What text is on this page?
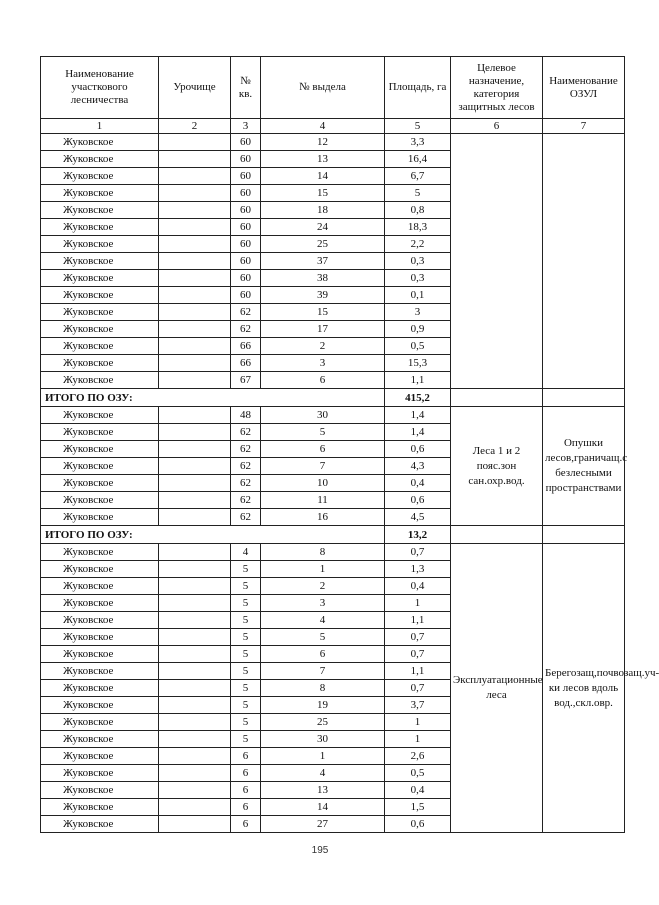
Наименование участкового лесничества	Урочище	№ кв.	№ выдела	Площадь, га	Целевое назначение, категория защитных лесов	Наименование ОЗУЛ
1	2	3	4	5	6	7
Жуковское		60	12	3,3		
Жуковское		60	13	16,4		
Жуковское		60	14	6,7		
Жуковское		60	15	5		
Жуковское		60	18	0,8		
Жуковское		60	24	18,3		
Жуковское		60	25	2,2		
Жуковское		60	37	0,3		
Жуковское		60	38	0,3		
Жуковское		60	39	0,1		
Жуковское		62	15	3		
Жуковское		62	17	0,9		
Жуковское		66	2	0,5		
Жуковское		66	3	15,3		
Жуковское		67	6	1,1		
ИТОГО ПО ОЗУ:				415,2		
Жуковское		48	30	1,4	Леса 1 и 2 пояс.зон сан.охр.вод.	Опушки лесов,граничащ.с безлесными пространствами
Жуковское		62	5	1,4		
Жуковское		62	6	0,6		
Жуковское		62	7	4,3		
Жуковское		62	10	0,4		
Жуковское		62	11	0,6		
Жуковское		62	16	4,5		
ИТОГО ПО ОЗУ:				13,2		
Жуковское		4	8	0,7	Эксплуатационные леса	Берегозащ,почвозащ.уч-ки лесов вдоль вод.,скл.овр.
Жуковское		5	1	1,3		
Жуковское		5	2	0,4		
Жуковское		5	3	1		
Жуковское		5	4	1,1		
Жуковское		5	5	0,7		
Жуковское		5	6	0,7		
Жуковское		5	7	1,1		
Жуковское		5	8	0,7		
Жуковское		5	19	3,7		
Жуковское		5	25	1		
Жуковское		5	30	1		
Жуковское		6	1	2,6		
Жуковское		6	4	0,5		
Жуковское		6	13	0,4		
Жуковское		6	14	1,5		
Жуковское		6	27	0,6		
195
